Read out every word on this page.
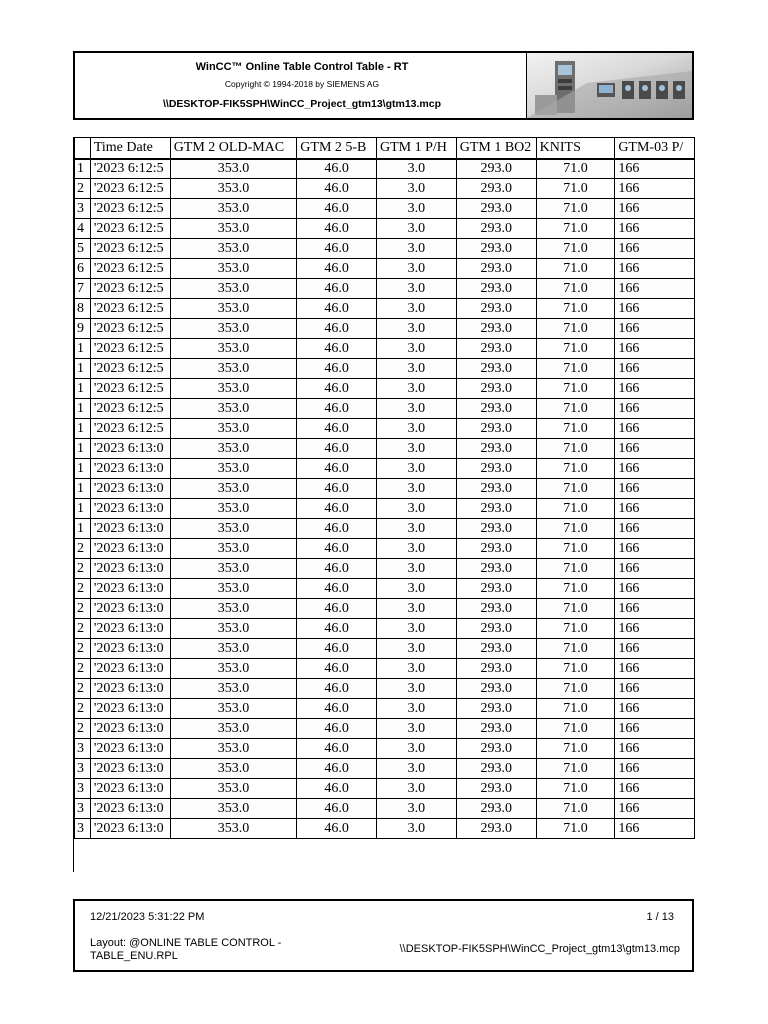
WinCC™ Online Table Control Table - RT
Copyright © 1994-2018 by SIEMENS AG
\\DESKTOP-FIK5SPH\WinCC_Project_gtm13\gtm13.mcp
	Time Date	GTM 2 OLD-MAC	GTM 2 5-B	GTM 1 P/H	GTM 1 BO2	KNITS	GTM-03 P/
1	'2023 6:12:5	353.0	46.0	3.0	293.0	71.0	166
2	'2023 6:12:5	353.0	46.0	3.0	293.0	71.0	166
3	'2023 6:12:5	353.0	46.0	3.0	293.0	71.0	166
4	'2023 6:12:5	353.0	46.0	3.0	293.0	71.0	166
5	'2023 6:12:5	353.0	46.0	3.0	293.0	71.0	166
6	'2023 6:12:5	353.0	46.0	3.0	293.0	71.0	166
7	'2023 6:12:5	353.0	46.0	3.0	293.0	71.0	166
8	'2023 6:12:5	353.0	46.0	3.0	293.0	71.0	166
9	'2023 6:12:5	353.0	46.0	3.0	293.0	71.0	166
1	'2023 6:12:5	353.0	46.0	3.0	293.0	71.0	166
1	'2023 6:12:5	353.0	46.0	3.0	293.0	71.0	166
1	'2023 6:12:5	353.0	46.0	3.0	293.0	71.0	166
1	'2023 6:12:5	353.0	46.0	3.0	293.0	71.0	166
1	'2023 6:12:5	353.0	46.0	3.0	293.0	71.0	166
1	'2023 6:13:0	353.0	46.0	3.0	293.0	71.0	166
1	'2023 6:13:0	353.0	46.0	3.0	293.0	71.0	166
1	'2023 6:13:0	353.0	46.0	3.0	293.0	71.0	166
1	'2023 6:13:0	353.0	46.0	3.0	293.0	71.0	166
1	'2023 6:13:0	353.0	46.0	3.0	293.0	71.0	166
2	'2023 6:13:0	353.0	46.0	3.0	293.0	71.0	166
2	'2023 6:13:0	353.0	46.0	3.0	293.0	71.0	166
2	'2023 6:13:0	353.0	46.0	3.0	293.0	71.0	166
2	'2023 6:13:0	353.0	46.0	3.0	293.0	71.0	166
2	'2023 6:13:0	353.0	46.0	3.0	293.0	71.0	166
2	'2023 6:13:0	353.0	46.0	3.0	293.0	71.0	166
2	'2023 6:13:0	353.0	46.0	3.0	293.0	71.0	166
2	'2023 6:13:0	353.0	46.0	3.0	293.0	71.0	166
2	'2023 6:13:0	353.0	46.0	3.0	293.0	71.0	166
2	'2023 6:13:0	353.0	46.0	3.0	293.0	71.0	166
3	'2023 6:13:0	353.0	46.0	3.0	293.0	71.0	166
3	'2023 6:13:0	353.0	46.0	3.0	293.0	71.0	166
3	'2023 6:13:0	353.0	46.0	3.0	293.0	71.0	166
3	'2023 6:13:0	353.0	46.0	3.0	293.0	71.0	166
3	'2023 6:13:0	353.0	46.0	3.0	293.0	71.0	166
12/21/2023 5:31:22 PM	1 / 13
Layout: @ONLINE TABLE CONTROL - TABLE_ENU.RPL
\\DESKTOP-FIK5SPH\WinCC_Project_gtm13\gtm13.mcp
